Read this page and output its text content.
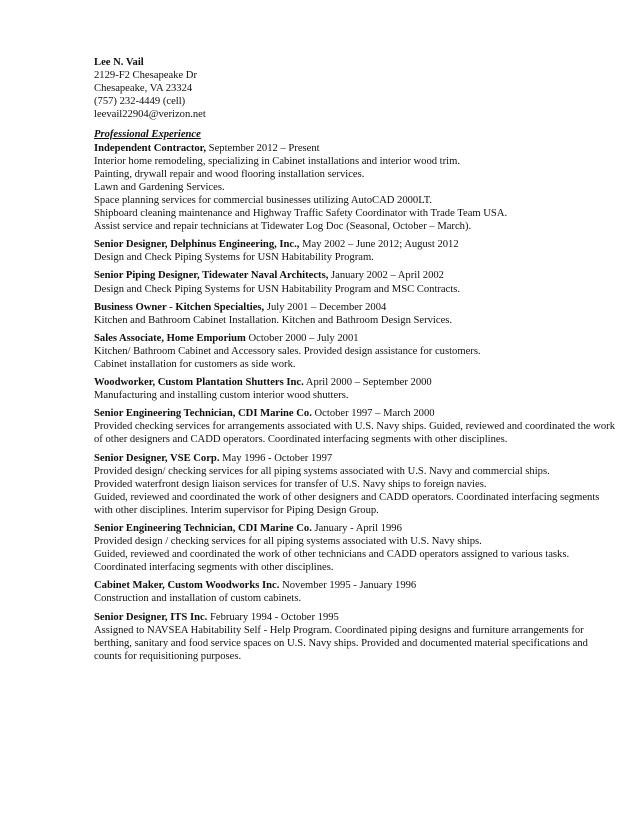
Lee N. Vail
2129-F2 Chesapeake Dr
Chesapeake, VA 23324
(757) 232-4449 (cell)
leevail22904@verizon.net
Professional Experience
Independent Contractor, September 2012 – Present
Interior home remodeling, specializing in Cabinet installations and interior wood trim.
Painting, drywall repair and wood flooring installation services.
Lawn and Gardening Services.
Space planning services for commercial businesses utilizing AutoCAD 2000LT.
Shipboard cleaning maintenance and Highway Traffic Safety Coordinator with Trade Team USA.
Assist service and repair technicians at Tidewater Log Doc (Seasonal, October – March).
Senior Designer, Delphinus Engineering, Inc., May 2002 – June 2012; August 2012
Design and Check Piping Systems for USN Habitability Program.
Senior Piping Designer, Tidewater Naval Architects, January 2002 – April 2002
Design and Check Piping Systems for USN Habitability Program and MSC Contracts.
Business Owner - Kitchen Specialties, July 2001 – December 2004
Kitchen and Bathroom Cabinet Installation. Kitchen and Bathroom Design Services.
Sales Associate, Home Emporium October 2000 – July 2001
Kitchen/ Bathroom Cabinet and Accessory sales. Provided design assistance for customers.
Cabinet installation for customers as side work.
Woodworker, Custom Plantation Shutters Inc. April 2000 – September 2000
Manufacturing and installing custom interior wood shutters.
Senior Engineering Technician, CDI Marine Co. October 1997 – March 2000
Provided checking services for arrangements associated with U.S. Navy ships. Guided, reviewed and coordinated the work of other designers and CADD operators. Coordinated interfacing segments with other disciplines.
Senior Designer, VSE Corp. May 1996 - October 1997
Provided design/ checking services for all piping systems associated with U.S. Navy and commercial ships.
Provided waterfront design liaison services for transfer of U.S. Navy ships to foreign navies.
Guided, reviewed and coordinated the work of other designers and CADD operators. Coordinated interfacing segments with other disciplines. Interim supervisor for Piping Design Group.
Senior Engineering Technician, CDI Marine Co. January - April 1996
Provided design / checking services for all piping systems associated with U.S. Navy ships.
Guided, reviewed and coordinated the work of other technicians and CADD operators assigned to various tasks. Coordinated interfacing segments with other disciplines.
Cabinet Maker, Custom Woodworks Inc. November 1995 - January 1996
Construction and installation of custom cabinets.
Senior Designer, ITS Inc. February 1994 - October 1995
Assigned to NAVSEA Habitability Self - Help Program. Coordinated piping designs and furniture arrangements for berthing, sanitary and food service spaces on U.S. Navy ships. Provided and documented material specifications and counts for requisitioning purposes.
